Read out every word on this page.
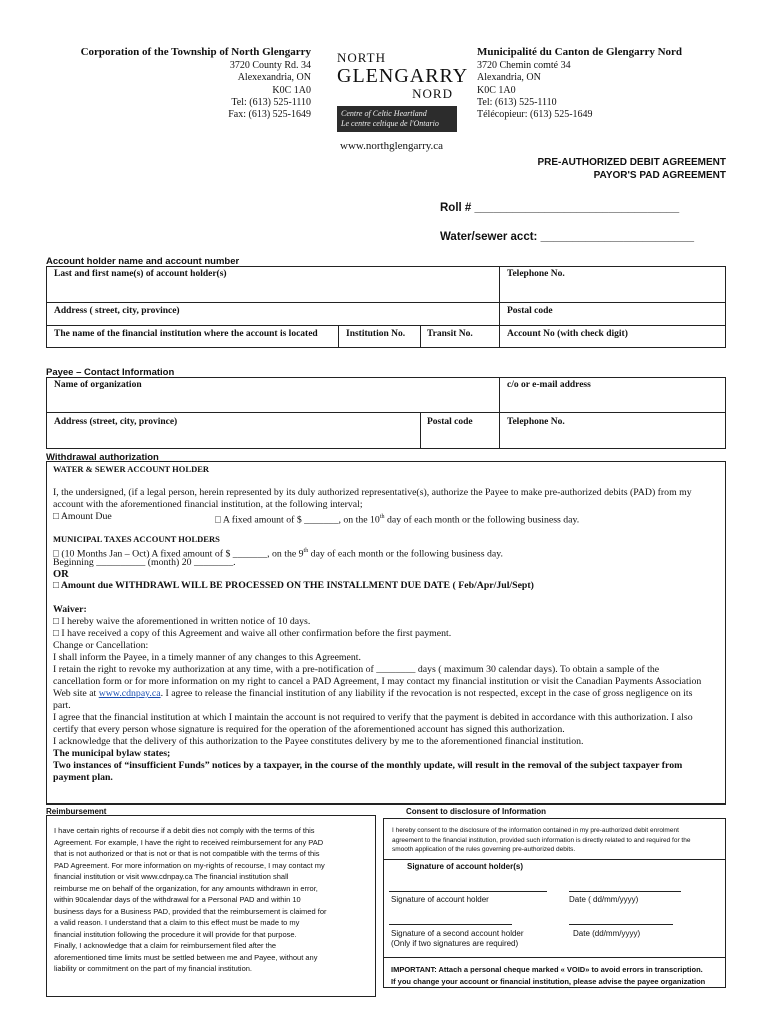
Corporation of the Township of North Glengarry
3720 County Rd. 34
Alexexandria, ON
K0C 1A0
Tel: (613) 525-1110
Fax: (613) 525-1649
NORTH
GLENGARRY
NORD
Centre of Celtic Heartland
Le centre celtique de l'Ontario
Municipalité du Canton de Glengarry Nord
3720 Chemin comté 34
Alexandria, ON
K0C 1A0
Tel: (613) 525-1110
Télécopieur: (613) 525-1649
www.northglengarry.ca
PRE-AUTHORIZED DEBIT AGREEMENT
PAYOR'S PAD AGREEMENT
Roll # ________________________________
Water/sewer acct: ________________________
Account holder name and account number
Last and first name(s) of account holder(s)	Telephone No.
Address ( street, city, province)	Postal code
The name of the financial institution where the account is located	Institution No. Transit No.	Account No (with check digit)
Payee – Contact Information
Name of organization	c/o or e-mail address
Address (street, city, province)	Postal code	Telephone No.
Withdrawal authorization
WATER & SEWER ACCOUNT HOLDER
I, the undersigned, (if a legal person, herein represented by its duly authorized representative(s), authorize the Payee to make pre-authorized debits (PAD) from my
account with the aforementioned financial institution, at the following interval;
□ Amount Due	□ A fixed amount of $ _______, on the 10th day of each month or the following business day.
MUNICIPAL TAXES ACCOUNT HOLDERS
□ (10 Months Jan – Oct) A fixed amount of $ _______, on the 9th day of each month or the following business day.
Beginning __________ (month) 20 ________.
OR
□ Amount due WITHDRAWL WILL BE PROCESSED ON THE INSTALLMENT DUE DATE ( Feb/Apr/Jul/Sept)
Waiver:
□ I hereby waive the aforementioned in written notice of 10 days.
□ I have received a copy of this Agreement and waive all other confirmation before the first payment.
Change or Cancellation:
I shall inform the Payee, in a timely manner of any changes to this Agreement.
I retain the right to revoke my authorization at any time, with a pre-notification of ________ days ( maximum 30 calendar days). To obtain a sample of the
cancellation form or for more information on my right to cancel a PAD Agreement, I may contact my financial institution or visit the Canadian Payments Association
Web site at www.cdnpay.ca. I agree to release the financial institution of any liability if the revocation is not respected, except in the case of gross negligence on its
part.
I agree that the financial institution at which I maintain the account is not required to verify that the payment is debited in accordance with this authorization. I also
certify that every person whose signature is required for the operation of the aforementioned account has signed this authorization.
I acknowledge that the delivery of this authorization to the Payee constitutes delivery by me to the aforementioned financial institution.
The municipal bylaw states;
Two instances of “insufficient Funds” notices by a taxpayer, in the course of the monthly update, will result in the removal of the subject taxpayer from
payment plan.
Reimbursement
I have certain rights of recourse if a debit dies not comply with the terms of this
Agreement. For example, I have the right to received reimbursement for any PAD
that is not authorized or that is not or that is not compatible with the terms of this
PAD Agreement. For more information on my-rights of recourse, I may contact my
financial institution or visit www.cdnpay.ca The financial institution shall
reimburse me on behalf of the organization, for any amounts withdrawn in error,
within 90calendar days of the withdrawal for a Personal PAD and within 10
business days for a Business PAD, provided that the reimbursement is claimed for
a valid reason. I understand that a claim to this effect must be made to my
financial institution following the procedure it will provide for that purpose.
Finally, I acknowledge that a claim for reimbursement filed after the
aforementioned time limits must be settled between me and Payee, without any
liability or commitment on the part of my financial institution.
Consent to disclosure of Information
I hereby consent to the disclosure of the information contained in my pre-authorized debit enrolment
agreement to the financial institution, provided such information is directly related to and required for the
smooth application of the rules governing pre-authorized debits.
Signature of account holder(s)
Signature of account holder	Date ( dd/mm/yyyy)
Signature of a second account holder
(Only if two signatures are required)
Date (dd/mm/yyyy)
IMPORTANT: Attach a personal cheque marked « VOID» to avoid errors in transcription.
If you change your account or financial institution, please advise the payee organization
